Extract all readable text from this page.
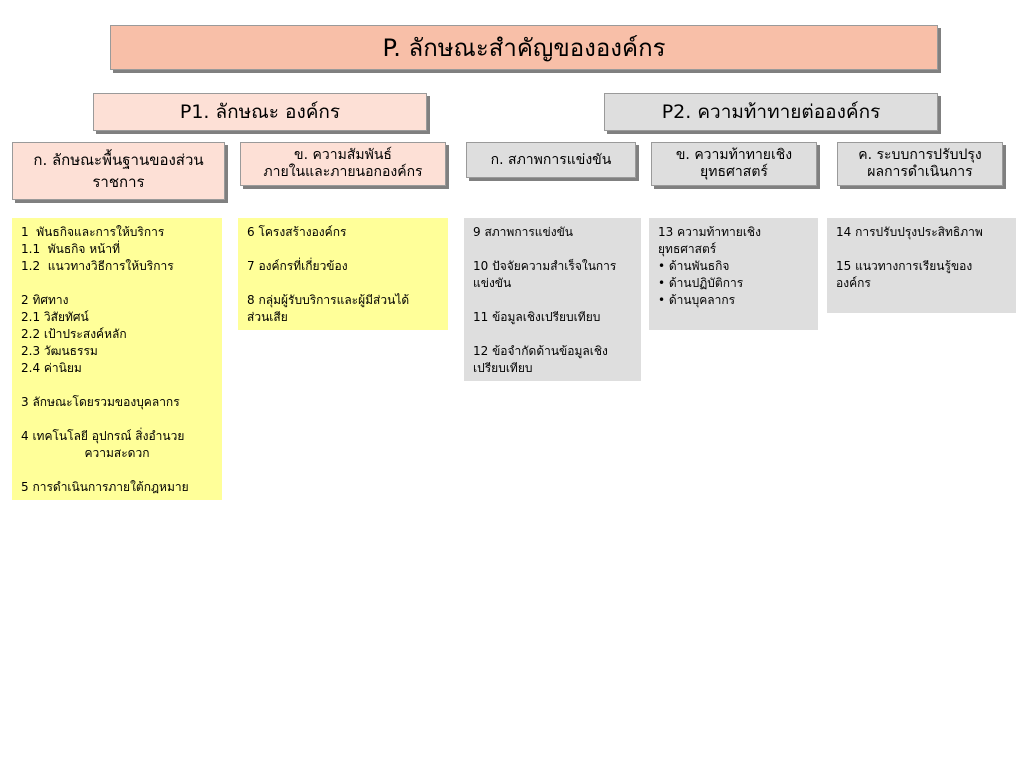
P. ลักษณะสำคัญขององค์กร
P1. ลักษณะ องค์กร	P2. ความท้าทายต่อองค์กร
ก. ลักษณะพื้นฐานของส่วน
ราชการ
ข. ความสัมพันธ์
ภายในและภายนอกองค์กร
ก. สภาพการแข่งขัน	ข. ความท้าทายเชิง
ยุทธศาสตร์
ค. ระบบการปรับปรุง
ผลการดำเนินการ
1  พันธกิจและการให้บริการ
1.1  พันธกิจ หน้าที่
1.2  แนวทางวิธีการให้บริการ
2 ทิศทาง
2.1 วิสัยทัศน์
2.2 เป้าประสงค์หลัก
2.3 วัฒนธรรม
2.4 ค่านิยม
3 ลักษณะโดยรวมของบุคลากร
4 เทคโนโลยี อุปกรณ์ สิ่งอำนวย
ความสะดวก
5 การดำเนินการภายใต้กฎหมาย
6 โครงสร้างองค์กร
7 องค์กรที่เกี่ยวข้อง
8 กลุ่มผู้รับบริการและผู้มีส่วนได้
ส่วนเสีย
9 สภาพการแข่งขัน
10 ปัจจัยความสำเร็จในการ
แข่งขัน
11 ข้อมูลเชิงเปรียบเทียบ
12 ข้อจำกัดด้านข้อมูลเชิง
เปรียบเทียบ
13 ความท้าทายเชิง
ยุทธศาสตร์
• ด้านพันธกิจ
• ด้านปฏิบัติการ
• ด้านบุคลากร
14 การปรับปรุงประสิทธิภาพ
15 แนวทางการเรียนรู้ของ
องค์กร
